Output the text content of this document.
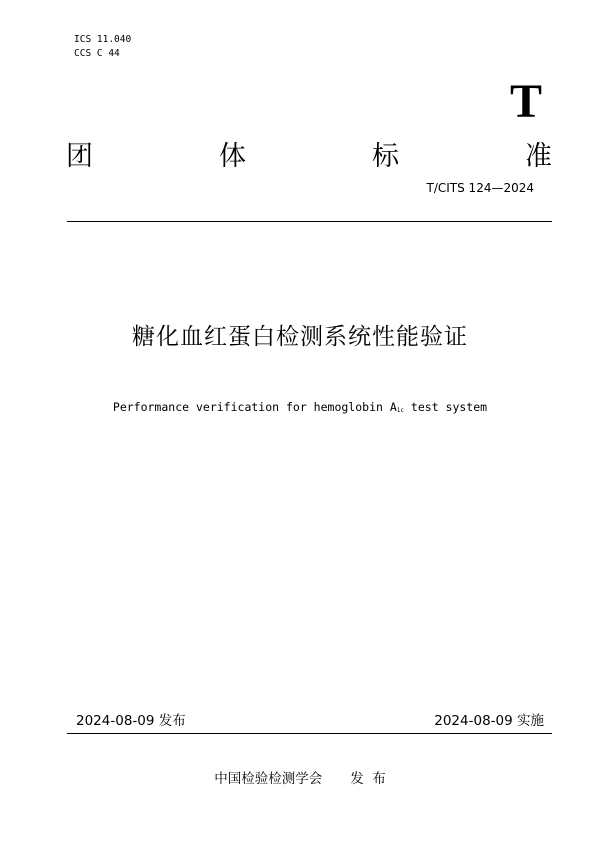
ICS 11.040
CCS C 44
T
团	体	标	准
T/CITS 124—2024
糖化血红蛋白检测系统性能验证
Performance verification for hemoglobin $A_{1c}$ test system
2024-08-09 发布	2024-08-09 实施
中国检验检测学会 发  布
